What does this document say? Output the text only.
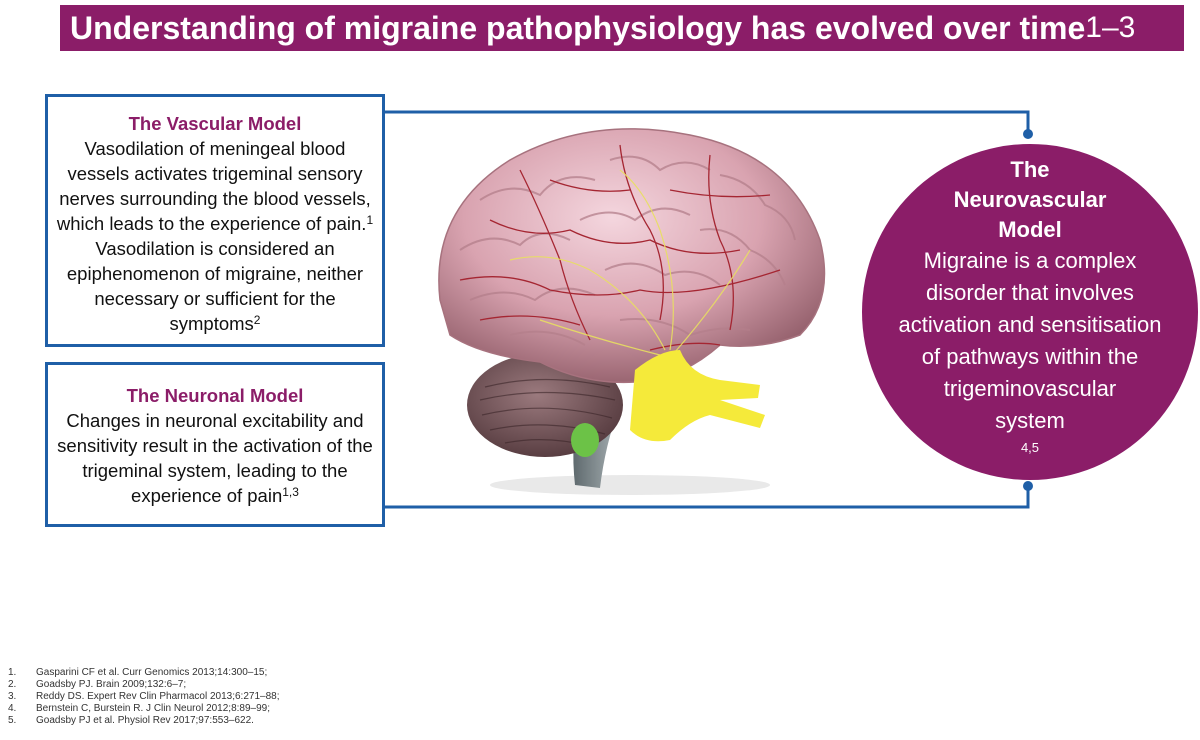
Understanding of migraine pathophysiology has evolved over time 1–3
The Vascular Model
Vasodilation of meningeal blood vessels activates trigeminal sensory nerves surrounding the blood vessels, which leads to the experience of pain.$^1$ Vasodilation is considered an epiphenomenon of migraine, neither necessary or sufficient for the symptoms$^2$
The Neuronal Model
Changes in neuronal excitability and sensitivity result in the activation of the trigeminal system, leading to the experience of pain$^{1,3}$
The
Neurovascular
Model
Migraine is a complex
disorder that involves
activation and sensitisation
of pathways within the
trigeminovascular
system
$^{4,5}$
1.	Gasparini CF et al. Curr Genomics 2013;14:300–15;
2.	Goadsby PJ. Brain 2009;132:6–7;
3.	Reddy DS. Expert Rev Clin Pharmacol 2013;6:271–88;
4.	Bernstein C, Burstein R. J Clin Neurol 2012;8:89–99;
5.	Goadsby PJ et al. Physiol Rev 2017;97:553–622.
